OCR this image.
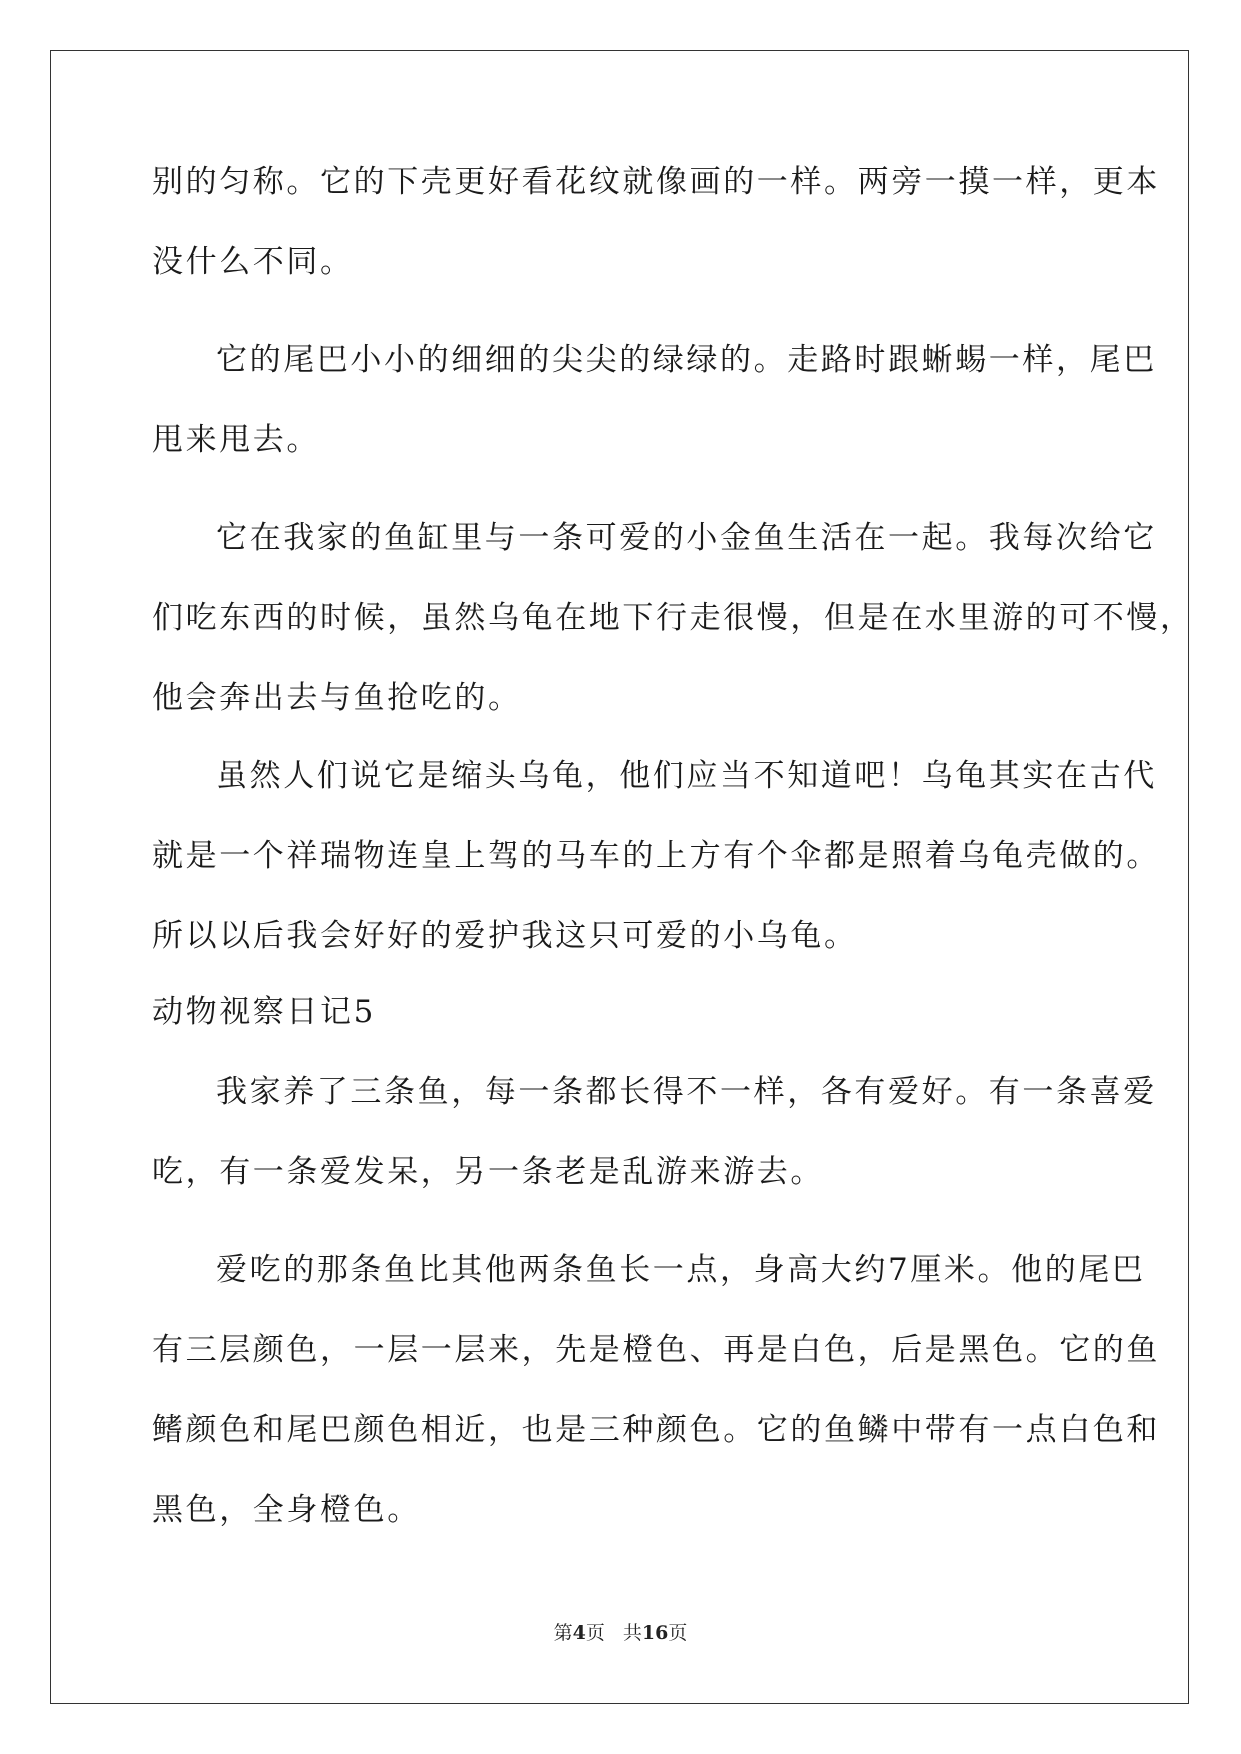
别的匀称。它的下壳更好看花纹就像画的一样。两旁一摸一样，更本
没什么不同。
它的尾巴小小的细细的尖尖的绿绿的。走路时跟蜥蜴一样，尾巴
甩来甩去。
它在我家的鱼缸里与一条可爱的小金鱼生活在一起。我每次给它
们吃东西的时候，虽然乌龟在地下行走很慢，但是在水里游的可不慢，
他会奔出去与鱼抢吃的。
虽然人们说它是缩头乌龟，他们应当不知道吧！乌龟其实在古代
就是一个祥瑞物连皇上驾的马车的上方有个伞都是照着乌龟壳做的。
所以以后我会好好的爱护我这只可爱的小乌龟。
动物视察日记5
我家养了三条鱼，每一条都长得不一样，各有爱好。有一条喜爱
吃，有一条爱发呆，另一条老是乱游来游去。
爱吃的那条鱼比其他两条鱼长一点，身高大约7厘米。他的尾巴
有三层颜色，一层一层来，先是橙色、再是白色，后是黑色。它的鱼
鳍颜色和尾巴颜色相近，也是三种颜色。它的鱼鳞中带有一点白色和
黑色，全身橙色。
第4页 共16页
